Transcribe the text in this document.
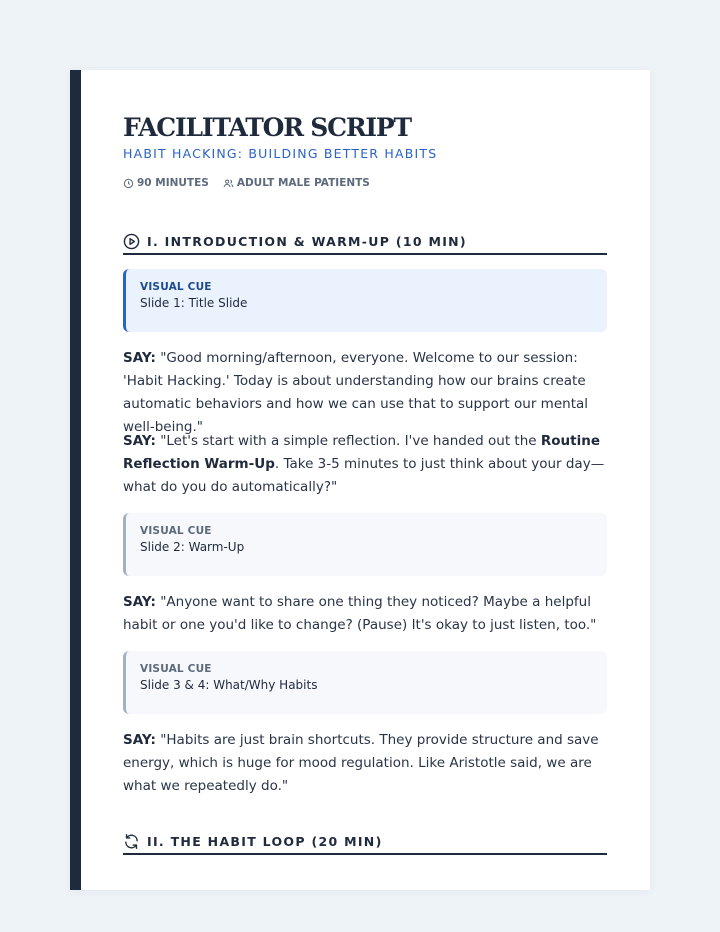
FACILITATOR SCRIPT
HABIT HACKING: BUILDING BETTER HABITS
90 MINUTES	ADULT MALE PATIENTS
I. INTRODUCTION & WARM-UP (10 MIN)
VISUAL CUE
Slide 1: Title Slide

SAY: "Good morning/afternoon, everyone. Welcome to our session: 'Habit Hacking.' Today is about understanding how our brains create automatic behaviors and how we can use that to support our mental well-being."

SAY: "Let's start with a simple reflection. I've handed out the Routine Reflection Warm-Up. Take 3-5 minutes to just think about your day—what do you do automatically?"

VISUAL CUE
Slide 2: Warm-Up

SAY: "Anyone want to share one thing they noticed? Maybe a helpful habit or one you'd like to change? (Pause) It's okay to just listen, too."

VISUAL CUE
Slide 3 & 4: What/Why Habits

SAY: "Habits are just brain shortcuts. They provide structure and save energy, which is huge for mood regulation. Like Aristotle said, we are what we repeatedly do."

II. THE HABIT LOOP (20 MIN)
